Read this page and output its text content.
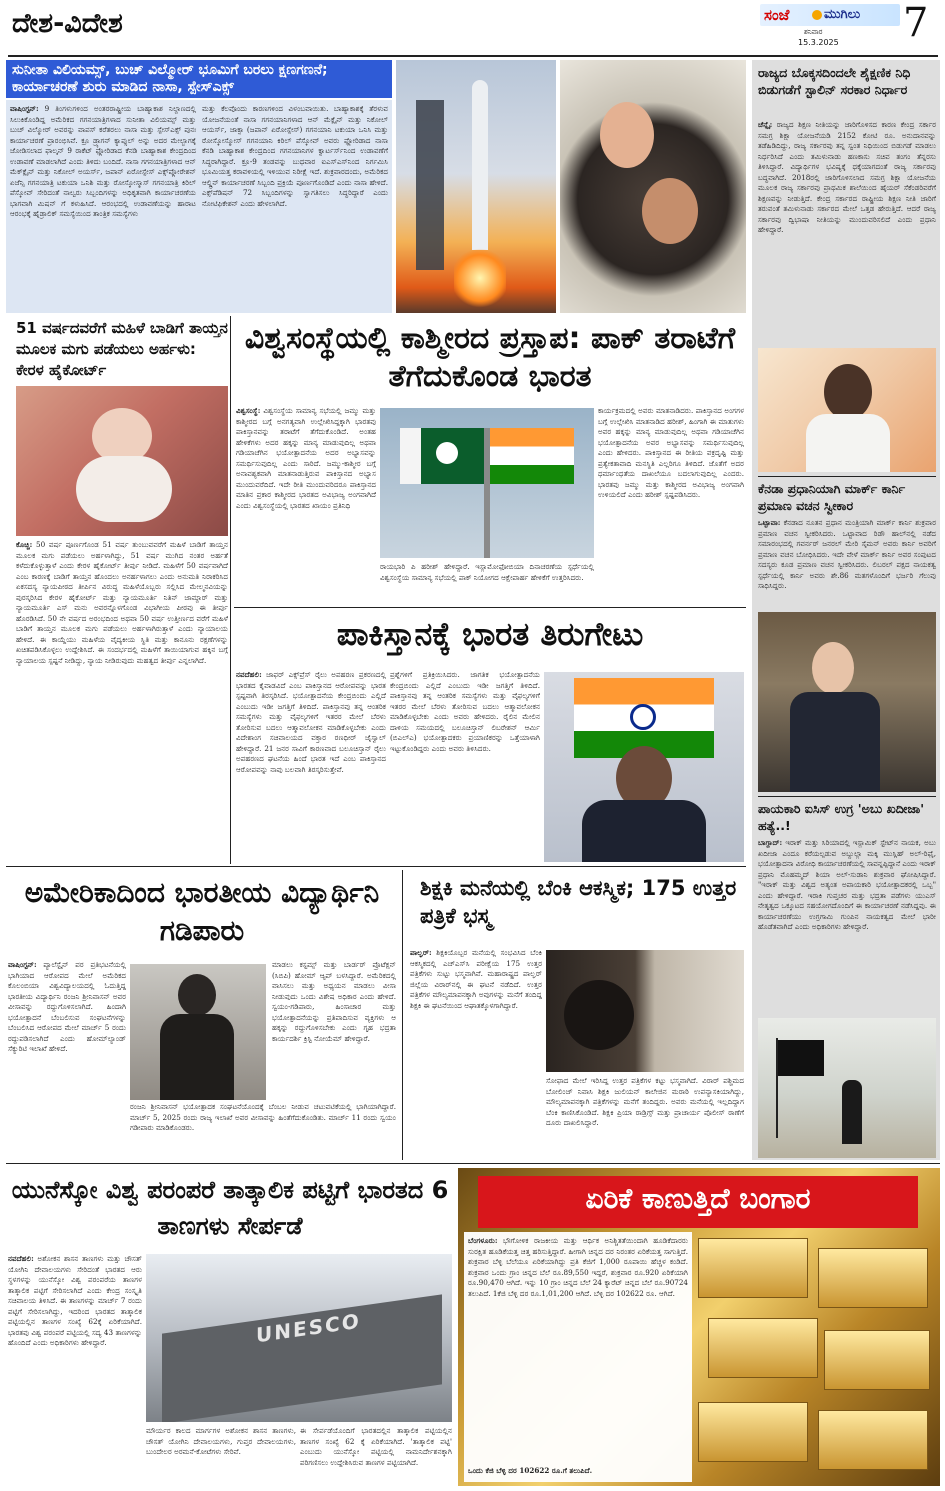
ದೇಶ-ವಿದೇಶ	ಸಂಜೆ	ಮುಗಿಲು
ಶನಿವಾರ
15.3.2025 7
ಸುನೀತಾ ವಿಲಿಯಮ್ಸ್, ಬುಚ್ ವಿಲ್ಮೋರ್ ಭೂಮಿಗೆ ಬರಲು ಕ್ಷಣಗಣನೆ; ಕಾರ್ಯಾಚರಣೆ ಶುರು ಮಾಡಿದ ನಾಸಾ, ಸ್ಪೇಸ್‌ಎಕ್ಸ್
ವಾಷಿಂಗ್ಟನ್: 9 ತಿಂಗಳುಗಳಿಂದ ಅಂತರರಾಷ್ಟ್ರೀಯ ಬಾಹ್ಯಾಕಾಶ ನಿಲ್ದಾಣದಲ್ಲಿ ಸಿಲುಕಿಕೊಂಡಿದ್ದ ಅಮೆರಿಕದ ಗಗನಯಾತ್ರಿಗಳಾದ ಸುನೀತಾ ವಿಲಿಯಮ್ಸ್ ಮತ್ತು ಬುಚ್ ವಿಲ್ಮೋರ್ ಅವರನ್ನು ವಾಪಸ್ ಕರೆತರಲು ನಾಸಾ ಮತ್ತು ಸ್ಪೇಸ್‌ಎಕ್ಸ್ ಪುನಃ ಕಾರ್ಯಾಚರಣೆ ಪ್ರಾರಂಭಿಸಿವೆ. ಕ್ರೂ ಡ್ರ್ಯಾಗನ್ ಕ್ಯಾಪ್ಸುಲ್ ಅನ್ನು ಅದರ ಮೇಲ್ಭಾಗಕ್ಕೆ ಜೋಡಿಸಲಾದ ಫಾಲ್ಕನ್ 9 ರಾಕೆಟ್ ಫ್ಲೋರಿಡಾದ ಕೆನಡಿ ಬಾಹ್ಯಾಕಾಶ ಕೇಂದ್ರದಿಂದ ಉಡಾವಣೆ ಮಾಡಲಾಗಿದೆ ಎಂದು ತಿಳಿದು ಬಂದಿದೆ. ನಾಸಾ ಗಗನಯಾತ್ರಿಗಳಾದ ಆನ್ ಮೆಕ್‌ಕ್ಲೈನ್ ಮತ್ತು ನಿಕೋಲ್ ಅಯರ್ಸ್, ಜಪಾನ್ ಏರೋಸ್ಪೇಸ್ ಎಕ್ಸ್‌ಪ್ಲೋರೇಶನ್ ಏಜೆನ್ಸಿ ಗಗನಯಾತ್ರಿ ಟಕುಯಾ ಒನಿಶಿ ಮತ್ತು ರೋಸ್ಕೋಸ್ಮಾಸ್ ಗಗನಯಾತ್ರಿ ಕಿರಿಲ್ ಪೆಸ್ಕೋವ್ ಸೇರಿದಂತೆ ನಾಲ್ವರು ಸಿಬ್ಬಂದಿಗಳನ್ನು ಅಧಿಕೃತವಾಗಿ ಕಾರ್ಯಾಚರಣೆಯ ಭಾಗವಾಗಿ ಮಿಷನ್ ಗೆ ಕಳುಹಿಸಿದೆ. ಆರಂಭದಲ್ಲಿ ಉಡಾವಣೆಯನ್ನು ಹಾರಾಟ ಆರಂಭಕ್ಕೆ ಹೈಡ್ರಾಲಿಕ್ ಸಮಸ್ಯೆಯಿಂದ ತಾಂತ್ರಿಕ ಸಮಸ್ಯೆಗಳು
ಮತ್ತು ಕೆಲವೊಂದು ಕಾರಣಗಳಿಂದ ವಿಳಂಬವಾಯಿತು. ಬಾಹ್ಯಾಕಾಶಕ್ಕೆ ತೆರಳುವ ಯೋಜನೆಯಂತೆ ನಾಸಾ ಗಗನಯಾನಿಗಳಾದ ಆನ್ ಮೆಕ್ಲೈನ್ ಮತ್ತು ನಿಕೋಲ್ ಆಯರ್ಸ್, ಜಾಕ್ಸಾ (ಜಪಾನ್ ಏರೋಸ್ಪೇಸ್) ಗಗನಯಾನಿ ಟಕುಯಾ ಒನಿಸಿ ಮತ್ತು ರೋಸ್ಕೋಸ್ಮೋಸ್ ಗಗನಯಾನಿ ಕಿರಿಲ್ ಪೆಸ್ಕೋವ್ ಅವರು ಫ್ಲೋರಿಡಾದ ನಾಸಾ ಕೆನಡಿ ಬಾಹ್ಯಾಕಾಶ ಕೇಂದ್ರದಿಂದ ಗಗನಯಾನಿಗಳ ಕ್ವಾರ್ಟರ್ಸ್‌ನಿಂದ ಉಡಾವಣೆಗೆ ಸಿದ್ಧರಾಗಿದ್ದಾರೆ. ಕ್ರೂ-9 ತಂಡವನ್ನು ಬುಧವಾರ ಐಎಸ್‌ಎಸ್‌ನಿಂದ ನಿರ್ಗಮಿಸಿ ಭೂಮಿಯತ್ತ ಕರಾವಳಿಯಲ್ಲಿ ಇಳಿಯುವ ನಿರೀಕ್ಷೆ ಇದೆ. ಶುಕ್ರವಾರದಂದು, ಅಮೆರಿಕದ ಆಲ್ಡ್ರಿನ್ ಕಾರ್ಯಾಚರಣೆ ಸಿಬ್ಬಂದಿ ಪ್ರಕ್ರಿಯೆ ಪೂರ್ಣಗೊಂಡಿದೆ ಎಂದು ನಾಸಾ ಹೇಳಿದೆ. ಎಕ್ಸ್‌ಪೆಡಿಷನ್ 72 ಸಿಬ್ಬಂದಿಗಳನ್ನು ಸ್ವಾಗತಿಸಲು ಸಿದ್ಧರಿದ್ದಾರೆ ಎಂದು ನೋಟಿಫಿಕೇಶನ್ ಎಂದು ಹೇಳಲಾಗಿದೆ.
ರಾಜ್ಯದ ಬೊಕ್ಕಸದಿಂದಲೇ ಶೈಕ್ಷಣಿಕ ನಿಧಿ ಬಿಡುಗಡೆಗೆ ಸ್ಟಾಲಿನ್ ಸರಕಾರ ನಿರ್ಧಾರ
ಚೆನ್ನೈ: ರಾಜ್ಯದ ಶಿಕ್ಷಣ ನೀತಿಯನ್ನು ಜಾರಿಗೊಳಿಸದ ಕಾರಣ ಕೇಂದ್ರ ಸರ್ಕಾರ ಸಮಗ್ರ ಶಿಕ್ಷಾ ಯೋಜನೆಯಡಿ 2152 ಕೋಟಿ ರೂ. ಅನುದಾನವನ್ನು ತಡೆಹಿಡಿದಿದ್ದು, ರಾಜ್ಯ ಸರ್ಕಾರವು ತನ್ನ ಸ್ವಂತ ನಿಧಿಯಿಂದ ಬಿಡುಗಡೆ ಮಾಡಲು ನಿರ್ಧರಿಸಿದೆ ಎಂದು ತಮಿಳುನಾಡು ಹಣಕಾಸು ಸಚಿವ ತಂಗಂ ತೆನ್ನರಸು ತಿಳಿಸಿದ್ದಾರೆ. ವಿದ್ಯಾರ್ಥಿಗಳ ಭವಿಷ್ಯಕ್ಕೆ ಧಕ್ಕೆಯಾಗದಂತೆ ರಾಜ್ಯ ಸರ್ಕಾರವು ಬದ್ಧವಾಗಿದೆ. 2018ರಲ್ಲಿ ಜಾರಿಗೊಳಿಸಲಾದ ಸಮಗ್ರ ಶಿಕ್ಷಾ ಯೋಜನೆಯ ಮೂಲಕ ರಾಜ್ಯ ಸರ್ಕಾರವು ಪ್ರಾಥಮಿಕ ಶಾಲೆಯಿಂದ ಹೈಯರ್ ಸೆಕೆಂಡರಿವರೆಗೆ ಶಿಕ್ಷಣವನ್ನು ನೀಡುತ್ತಿದೆ. ಕೇಂದ್ರ ಸರ್ಕಾರದ ರಾಷ್ಟ್ರೀಯ ಶಿಕ್ಷಣ ನೀತಿ ಜಾರಿಗೆ ತರುವಂತೆ ತಮಿಳುನಾಡು ಸರ್ಕಾರದ ಮೇಲೆ ಒತ್ತಡ ಹೇರುತ್ತಿದೆ. ಆದರೆ ರಾಜ್ಯ ಸರ್ಕಾರವು ದ್ವಿಭಾಷಾ ನೀತಿಯನ್ನು ಮುಂದುವರಿಸಲಿದೆ ಎಂದು ಪ್ರಧಾನಿ ಹೇಳಿದ್ದಾರೆ.
ಕೆನಡಾ ಪ್ರಧಾನಿಯಾಗಿ ಮಾರ್ಕ್ ಕಾರ್ನಿ ಪ್ರಮಾಣ ವಚನ ಸ್ವೀಕಾರ
ಒಟ್ಟಾವಾ: ಕೆನಡಾದ ನೂತನ ಪ್ರಧಾನ ಮಂತ್ರಿಯಾಗಿ ಮಾರ್ಕ್ ಕಾರ್ನಿ ಶುಕ್ರವಾರ ಪ್ರಮಾಣ ವಚನ ಸ್ವೀಕರಿಸಿದರು. ಒಟ್ಟಾವಾದ ರಿಡೌ ಹಾಲ್‌ನಲ್ಲಿ ನಡೆದ ಸಮಾರಂಭದಲ್ಲಿ ಗವರ್ನರ್ ಜನರಲ್ ಮೇರಿ ಸೈಮನ್ ಅವರು ಕಾರ್ನಿ ಅವರಿಗೆ ಪ್ರಮಾಣ ವಚನ ಬೋಧಿಸಿದರು. ಇದೇ ವೇಳೆ ಮಾರ್ಕ್ ಕಾರ್ನಿ ಅವರ ಸಂಪುಟದ ಸದಸ್ಯರು ಕೂಡ ಪ್ರಮಾಣ ವಚನ ಸ್ವೀಕರಿಸಿದರು. ಲಿಬರಲ್ ಪಕ್ಷದ ನಾಯಕತ್ವ ಸ್ಪರ್ಧೆಯಲ್ಲಿ ಕಾರ್ನಿ ಅವರು ಶೇ.86 ಮತಗಳೊಂದಿಗೆ ಭರ್ಜರಿ ಗೆಲುವು ಸಾಧಿಸಿದ್ದರು.
ಪಾಯಕಾರಿ ಐಸಿಸ್ ಉಗ್ರ 'ಅಬು ಖದೀಜಾ' ಹತ್ಯೆ..!
ಬಾಗ್ದಾದ್: ಇರಾಕ್ ಮತ್ತು ಸಿರಿಯಾದಲ್ಲಿ ಇಸ್ಲಾಮಿಕ್ ಸ್ಟೇಟ್‌ನ ನಾಯಕ, ಅಬು ಖದೀಜಾ ಎಂದೂ ಕರೆಯಲ್ಪಡುವ ಅಬ್ದುಲ್ಲಾ ಮಕ್ಕಿ ಮುಸ್ಲಿಹ್ ಅಲ್-ರಿಫೈ, ಭಯೋತ್ಪಾದನಾ ವಿರೋಧಿ ಕಾರ್ಯಾಚರಣೆಯಲ್ಲಿ ಸಾವನ್ನಪ್ಪಿದ್ದಾನೆ ಎಂದು ಇರಾಕ್ ಪ್ರಧಾನಿ ಮೊಹಮ್ಮದ್ ಶಿಯಾ ಅಲ್-ಸುಡಾನಿ ಶುಕ್ರವಾರ ಘೋಷಿಸಿದ್ದಾರೆ. "ಇರಾಕ್ ಮತ್ತು ವಿಶ್ವದ ಅತ್ಯಂತ ಅಪಾಯಕಾರಿ ಭಯೋತ್ಪಾದಕರಲ್ಲಿ ಒಬ್ಬ" ಎಂದು ಹೇಳಿದ್ದಾರೆ. ಇರಾಕಿ ಗುಪ್ತಚರ ಮತ್ತು ಭದ್ರತಾ ಪಡೆಗಳು ಯುಎಸ್ ನೇತೃತ್ವದ ಒಕ್ಕೂಟದ ಸಹಯೋಗದೊಂದಿಗೆ ಈ ಕಾರ್ಯಾಚರಣೆ ನಡೆಸಿದ್ದವು. ಈ ಕಾರ್ಯಾಚರಣೆಯು ಉಗ್ರಗಾಮಿ ಗುಂಪಿನ ನಾಯಕತ್ವದ ಮೇಲೆ ಭಾರೀ ಹೊಡೆತವಾಗಿದೆ ಎಂದು ಅಧಿಕಾರಿಗಳು ಹೇಳಿದ್ದಾರೆ.
51 ವರ್ಷದವರೆಗೆ ಮಹಿಳೆ ಬಾಡಿಗೆ ತಾಯ್ತನ ಮೂಲಕ ಮಗು ಪಡೆಯಲು ಅರ್ಹಳು: ಕೇರಳ ಹೈಕೋರ್ಟ್
ಕೊಚ್ಚಿ: 50 ವರ್ಷ ಪೂರ್ಣಗೊಂಡ 51 ವರ್ಷ ತುಂಬುವವರೆಗೆ ಮಹಿಳೆ ಬಾಡಿಗೆ ತಾಯ್ತನ ಮೂಲಕ ಮಗು ಪಡೆಯಲು ಅರ್ಹಳಾಗಿದ್ದು, 51 ವರ್ಷ ಮುಗಿದ ನಂತರ ಅರ್ಹತೆ ಕಳೆದುಕೊಳ್ಳುತ್ತಾಳೆ ಎಂದು ಕೇರಳ ಹೈಕೋರ್ಟ್ ತೀರ್ಪು ನೀಡಿದೆ. ಮಹಿಳೆಗೆ 50 ವರ್ಷವಾಗಿದೆ ಎಂಬ ಕಾರಣಕ್ಕೆ ಬಾಡಿಗೆ ತಾಯ್ತನ ಹೊಂದಲು ಅನರ್ಹಳಾಗಲು ಎಂದು ಅನುಮತಿ ನಿರಾಕರಿಸಿದ ಏಕಸದಸ್ಯ ನ್ಯಾಯಪೀಠದ ತೀರ್ಪಿನ ವಿರುದ್ಧ ಮಹಿಳೆಯೊಬ್ಬರು ಸಲ್ಲಿಸಿದ ಮೇಲ್ಮನವಿಯನ್ನು ಪುರಸ್ಕರಿಸಿದ ಕೇರಳ ಹೈಕೋರ್ಟ್ ಮತ್ತು ನ್ಯಾಯಮೂರ್ತಿ ನಿತಿನ್ ಜಾಮ್ದಾರ್ ಮತ್ತು ನ್ಯಾಯಮೂರ್ತಿ ಎಸ್ ಮನು ಅವರನ್ನೊಳಗೊಂಡ ವಿಭಾಗೀಯ ಪೀಠವು ಈ ತೀರ್ಪು ಹೊರಡಿಸಿದೆ. 50 ನೇ ವರ್ಷದ ಅರಂಭದಿಂದ ಅಥವಾ 50 ವರ್ಷ ಉತ್ತೀರ್ಣದ ವರೆಗೆ ಮಹಿಳೆ ಬಾಡಿಗೆ ತಾಯ್ತನ ಮೂಲಕ ಮಗು ಪಡೆಯಲು ಅರ್ಹಳಾಗಿರುತ್ತಾಳೆ ಎಂದು ನ್ಯಾಯಾಲಯ ಹೇಳಿದೆ. ಈ ಕಾಯ್ದೆಯು ಮಹಿಳೆಯ ವೈದ್ಯಕೀಯ ಸ್ಥಿತಿ ಮತ್ತು ಕಾನೂನು ರಕ್ಷಣೆಗಳನ್ನು ಖಚಿತಪಡಿಸಿಕೊಳ್ಳಲು ಉದ್ದೇಶಿಸಿದೆ. ಈ ಸಂದರ್ಭದಲ್ಲಿ ಮಹಿಳೆಗೆ ತಾಯಿಯಾಗುವ ಹಕ್ಕಿನ ಬಗ್ಗೆ ನ್ಯಾಯಾಲಯ ಸ್ಪಷ್ಟನೆ ನೀಡಿದ್ದು, ನ್ಯಾಯ ನೀಡಿರುವುದು ಮಹತ್ವದ ತೀರ್ಪು ಎನ್ನಲಾಗಿದೆ.
ವಿಶ್ವಸಂಸ್ಥೆಯಲ್ಲಿ ಕಾಶ್ಮೀರದ ಪ್ರಸ್ತಾಪ: ಪಾಕ್ ತರಾಟೆಗೆ ತೆಗೆದುಕೊಂಡ ಭಾರತ
ವಿಶ್ವಸಂಸ್ಥೆ: ವಿಶ್ವಸಂಸ್ಥೆಯ ಸಾಮಾನ್ಯ ಸಭೆಯಲ್ಲಿ ಜಮ್ಮು ಮತ್ತು ಕಾಶ್ಮೀರದ ಬಗ್ಗೆ ಅನಗತ್ಯವಾಗಿ ಉಲ್ಲೇಖಿಸಿದ್ದಕ್ಕಾಗಿ ಭಾರತವು ಪಾಕಿಸ್ತಾನವನ್ನು ತರಾಟೆಗೆ ತೆಗೆದುಕೊಂಡಿದೆ. ಅಂತಹ ಹೇಳಿಕೆಗಳು ಅದರ ಹಕ್ಕನ್ನು ಮಾನ್ಯ ಮಾಡುವುದಿಲ್ಲ ಅಥವಾ ಗಡಿಯಾಚೆಗಿನ ಭಯೋತ್ಪಾದನೆಯ ಅದರ ಅಭ್ಯಾಸವನ್ನು ಸಮರ್ಥಿಸುವುದಿಲ್ಲ ಎಂದು ಸಾರಿದೆ. ಜಮ್ಮು-ಕಾಶ್ಮೀರ ಬಗ್ಗೆ ಅನಾವಶ್ಯಕವಾಗಿ ಮಾತನಾಡುತ್ತಿರುವ ಪಾಕಿಸ್ತಾನದ ಅಭ್ಯಾಸ ಮುಂದುವರೆದಿದೆ. ಇದೇ ರೀತಿ ಮುಂದುವರಿದರೂ ಪಾಕಿಸ್ತಾನದ ಮಾತಿನ ಪ್ರಕಾರ ಕಾಶ್ಮೀರದ ಭಾರತದ ಅವಿಭಾಜ್ಯ ಅಂಗವಾಗಿದೆ ಎಂದು ವಿಶ್ವಸಂಸ್ಥೆಯಲ್ಲಿ ಭಾರತದ ಖಾಯಂ ಪ್ರತಿನಿಧಿ
ರಾಯಭಾರಿ ಪಿ ಹರೀಶ್ ಹೇಳಿದ್ದಾರೆ. ಇಸ್ಲಾಮೋಫೋಬಿಯಾ ದಿನಾಚರಣೆಯ ಸ್ಪರ್ಧೆಯಲ್ಲಿ ವಿಶ್ವಸಂಸ್ಥೆಯ ಸಾಮಾನ್ಯ ಸಭೆಯಲ್ಲಿ ಪಾಕ್ ನಿಯೋಗದ ಆಕ್ಷೇಪಾರ್ಹ ಹೇಳಿಕೆಗೆ ಉತ್ತರಿಸಿದರು.
ಕಾರ್ಯಕ್ರಮದಲ್ಲಿ ಅವರು ಮಾತನಾಡಿದರು. ಪಾಕಿಸ್ತಾನದ ಅಂಗಗಳ ಬಗ್ಗೆ ಉಲ್ಲೇಖಿಸಿ ಮಾತನಾಡಿದ ಹರೀಶ್, ಹಿಂಗಾಗಿ ಈ ಮಾತುಗಳು ಅವರ ಹಕ್ಕನ್ನು ಮಾನ್ಯ ಮಾಡುವುದಿಲ್ಲ ಅಥವಾ ಗಡಿಯಾಚೆಗಿನ ಭಯೋತ್ಪಾದನೆಯ ಅವರ ಅಭ್ಯಾಸವನ್ನು ಸಮರ್ಥಿಸುವುದಿಲ್ಲ ಎಂದು ಹೇಳಿದರು. ಪಾಕಿಸ್ತಾನದ ಈ ರೀತಿಯ ವಕ್ರದೃಷ್ಟಿ ಮತ್ತು ಪ್ರತ್ಯೇಕತಾವಾದಿ ಮನಸ್ಥಿತಿ ಎಲ್ಲರಿಗೂ ತಿಳಿದಿದೆ. ಜೊತೆಗೆ ಅದರ ಧರ್ಮಾಂಧತೆಯ ದಾಖಲೆಯೂ ಬದಲಾಗುವುದಿಲ್ಲ ಎಂದರು. ಭಾರತವು ಜಮ್ಮು ಮತ್ತು ಕಾಶ್ಮೀರದ ಅವಿಭಾಜ್ಯ ಅಂಗವಾಗಿ ಉಳಿಯಲಿದೆ ಎಂದು ಹರೀಶ್ ಸ್ಪಷ್ಟಪಡಿಸಿದರು.
ಪಾಕಿಸ್ತಾನಕ್ಕೆ ಭಾರತ ತಿರುಗೇಟು
ನವದೆಹಲಿ: ಜಾಫರ್ ಎಕ್ಸ್‌ಪ್ರೆಸ್ ರೈಲು ಅಪಹರಣ ಪ್ರಕರಣದಲ್ಲಿ ಭಾರತದ ಕೈವಾಡವಿದೆ ಎಂಬ ಪಾಕಿಸ್ತಾನದ ಆರೋಪವನ್ನು ಭಾರತ ಸ್ಪಷ್ಟವಾಗಿ ತಿರಸ್ಕರಿಸಿದೆ. ಭಯೋತ್ಪಾದನೆಯ ಕೇಂದ್ರಬಿಂದು ಎಲ್ಲಿದೆ ಎಂಬುದು ಇಡೀ ಜಗತ್ತಿಗೆ ತಿಳಿದಿದೆ. ಪಾಕಿಸ್ತಾನವು ತನ್ನ ಆಂತರಿಕ ಸಮಸ್ಯೆಗಳು ಮತ್ತು ವೈಫಲ್ಯಗಳಿಗೆ ಇತರರ ಮೇಲೆ ಬೆರಳು ತೋರಿಸುವ ಬದಲು ಆತ್ಮಾವಲೋಕನ ಮಾಡಿಕೊಳ್ಳಬೇಕು ಎಂದು ವಿದೇಶಾಂಗ ಸಚಿವಾಲಯದ ವಕ್ತಾರ ರಣಧೀರ್ ಜೈಸ್ವಾಲ್ ಹೇಳಿದ್ದಾರೆ. 21 ಜನರ ಸಾವಿಗೆ ಕಾರಣವಾದ ಬಲೂಚಿಸ್ತಾನ್ ರೈಲು ಅಪಹರಣದ ಘಟನೆಯ ಹಿಂದೆ ಭಾರತ ಇದೆ ಎಂಬ ಪಾಕಿಸ್ತಾನದ ಆರೋಪವನ್ನು ನಾವು ಬಲವಾಗಿ ತಿರಸ್ಕರಿಸುತ್ತೇವೆ.
ಪ್ರಶ್ನೆಗಳಿಗೆ ಪ್ರತಿಕ್ರಿಯಿಸಿದರು. ಜಾಗತಿಕ ಭಯೋತ್ಪಾದನೆಯ ಕೇಂದ್ರಬಿಂದು ಎಲ್ಲಿದೆ ಎಂಬುದು ಇಡೀ ಜಗತ್ತಿಗೆ ತಿಳಿದಿದೆ. ಪಾಕಿಸ್ತಾನವು ತನ್ನ ಆಂತರಿಕ ಸಮಸ್ಯೆಗಳು ಮತ್ತು ವೈಫಲ್ಯಗಳಿಗೆ ಇತರರ ಮೇಲೆ ಬೆರಳು ತೋರಿಸುವ ಬದಲು ಆತ್ಮಾವಲೋಕನ ಮಾಡಿಕೊಳ್ಳಬೇಕು ಎಂದು ಅವರು ಹೇಳಿದರು. ರೈಲಿನ ಮೇಲಿನ ದಾಳಿಯ ಸಮಯದಲ್ಲಿ ಬಲೂಚಿಸ್ತಾನ್ ಲಿಬರೇಶನ್ ಆರ್ಮಿ (ಬಿಎಲ್‌ಎ) ಭಯೋತ್ಪಾದಕರು ಪ್ರಯಾಣಿಕರನ್ನು ಒತ್ತೆಯಾಳಾಗಿ ಇಟ್ಟುಕೊಂಡಿದ್ದರು ಎಂದು ಅವರು ತಿಳಿಸಿದರು.
ಅಮೇರಿಕಾದಿಂದ ಭಾರತೀಯ ವಿದ್ಯಾರ್ಥಿನಿ ಗಡಿಪಾರು
ವಾಷಿಂಗ್ಟನ್: ಪ್ಯಾಲೆಸ್ಟೈನ್ ಪರ ಪ್ರತಿಭಟನೆಯಲ್ಲಿ ಭಾಗಿಯಾದ ಆರೋಪದ ಮೇಲೆ ಅಮೆರಿಕದ ಕೊಲಂಬಿಯಾ ವಿಶ್ವವಿದ್ಯಾಲಯದಲ್ಲಿ ಓದುತ್ತಿದ್ದ ಭಾರತೀಯ ವಿದ್ಯಾರ್ಥಿನಿ ರಂಜನಿ ಶ್ರೀನಿವಾಸನ್ ಅವರ ವೀಸಾವನ್ನು ರದ್ದುಗೊಳಿಸಲಾಗಿದೆ. ಹಿಂದಾಗಿ ಭಯೋತ್ಪಾದನೆ ಬೆಂಬಲಿಸುವ ಸಂಘಟನೆಗಳನ್ನು ಬೆಂಬಲಿಸಿದ ಆರೋಪದ ಮೇಲೆ ಮಾರ್ಚ್ 5 ರಂದು ರದ್ದುಪಡಿಸಲಾಗಿದೆ ಎಂದು ಹೋಮ್‌ಲ್ಯಾಂಡ್ ಸೆಕ್ಯುರಿಟಿ ಇಲಾಖೆ ಹೇಳಿದೆ.
ಮಾಡಲು ಕಸ್ಟಮ್ಸ್ ಮತ್ತು ಬಾರ್ಡರ್ ಪ್ರೊಟೆಕ್ಷನ್ (ಸಿಬಿಪಿ) ಹೋಮ್ ಆ್ಯಪ್ ಬಳಸಿದ್ದಾರೆ. ಅಮೆರಿಕದಲ್ಲಿ ವಾಸಿಸಲು ಮತ್ತು ಅಧ್ಯಯನ ಮಾಡಲು ವೀಸಾ ನೀಡುವುದು ಒಂದು ವಿಶೇಷ ಅಧಿಕಾರ ಎಂದು ಹೇಳಿದೆ. ಸ್ವಯಂ-ಗಡಿಪಾರು, ಹಿಂಸಾಚಾರ ಮತ್ತು ಭಯೋತ್ಪಾದನೆಯನ್ನು ಪ್ರತಿಪಾದಿಸುವ ವ್ಯಕ್ತಿಗಳು ಆ ಹಕ್ಕನ್ನು ರದ್ದುಗೊಳಿಸಬೇಕು ಎಂದು ಗೃಹ ಭದ್ರತಾ ಕಾರ್ಯದರ್ಶಿ ಕ್ರಿಸ್ಟಿ ನೋಯೆಮ್ ಹೇಳಿದ್ದಾರೆ.
ರಂಜನಿ ಶ್ರೀನಿವಾಸನ್ ಭಯೋತ್ಪಾದಕ ಸಂಘಟನೆಯೊಂದಕ್ಕೆ ಬೆಂಬಲ ನೀಡುವ ಚಟುವಟಿಕೆಯಲ್ಲಿ ಭಾಗಿಯಾಗಿದ್ದಾರೆ. ಮಾರ್ಚ್ 5, 2025 ರಂದು ರಾಜ್ಯ ಇಲಾಖೆ ಅವರ ವೀಸಾವನ್ನು ಹಿಂತೆಗೆದುಕೊಂಡಿತು. ಮಾರ್ಚ್ 11 ರಂದು ಸ್ವಯಂ ಗಡೀಪಾರು ಮಾಡಿಕೊಂಡರು.
ಶಿಕ್ಷಕಿ ಮನೆಯಲ್ಲಿ ಬೆಂಕಿ ಆಕಸ್ಮಿಕ; 175 ಉತ್ತರ ಪತ್ರಿಕೆ ಭಸ್ಮ
ಪಾಲ್ಘರ್: ಶಿಕ್ಷಕಿಯೊಬ್ಬರ ಮನೆಯಲ್ಲಿ ಸಂಭವಿಸಿದ ಬೆಂಕಿ ಆಕಸ್ಮಿಕದಲ್ಲಿ ಎಚ್‌ಎಸ್‌ಸಿ ಪರೀಕ್ಷೆಯ 175 ಉತ್ತರ ಪತ್ರಿಕೆಗಳು ಸುಟ್ಟು ಭಸ್ಮವಾಗಿವೆ. ಮಹಾರಾಷ್ಟ್ರದ ಪಾಲ್ಘರ್ ಜಿಲ್ಲೆಯ ವಿರಾರ್‌ನಲ್ಲಿ ಈ ಘಟನೆ ನಡೆದಿದೆ. ಉತ್ತರ ಪತ್ರಿಕೆಗಳ ಮೌಲ್ಯಮಾಪನಕ್ಕಾಗಿ ಅವುಗಳನ್ನು ಮನೆಗೆ ತಂದಿದ್ದ ಶಿಕ್ಷಕಿ ಈ ಘಟನೆಯಿಂದ ಆಘಾತಕ್ಕೊಳಗಾಗಿದ್ದಾರೆ.
ಸೋಫಾದ ಮೇಲೆ ಇರಿಸಿದ್ದ ಉತ್ತರ ಪತ್ರಿಕೆಗಳ ಕಟ್ಟು ಭಸ್ಮವಾಗಿದೆ. ವಿರಾರ್ ಪಶ್ಚಿಮದ ಬೋಲಿಂಜ್ ನಿವಾಸಿ ಶಿಕ್ಷಕಿ ಜುಲಿಯನ್ ಕಾಲೇಜಿನ ಮರಾಠಿ ಉಪನ್ಯಾಸಕಿಯಾಗಿದ್ದು, ಮೌಲ್ಯಮಾಪನಕ್ಕಾಗಿ ಪತ್ರಿಕೆಗಳನ್ನು ಮನೆಗೆ ತಂದಿದ್ದರು. ಅವರು ಮನೆಯಲ್ಲಿ ಇಲ್ಲದಿದ್ದಾಗ ಬೆಂಕಿ ಕಾಣಿಸಿಕೊಂಡಿದೆ. ಶಿಕ್ಷಕಿ ಪ್ರಿಯಾ ರಾಡ್ರಿಗ್ಸ್ ಮತ್ತು ಪ್ರಾಚಾರ್ಯ ಪೊಲೀಸ್ ಠಾಣೆಗೆ ದೂರು ದಾಖಲಿಸಿದ್ದಾರೆ.
ಯುನೆಸ್ಕೋ ವಿಶ್ವ ಪರಂಪರೆ ತಾತ್ಕಾಲಿಕ ಪಟ್ಟಿಗೆ ಭಾರತದ 6 ತಾಣಗಳು ಸೇರ್ಪಡೆ
ನವದೆಹಲಿ: ಅಶೋಕನ ಶಾಸನ ತಾಣಗಳು ಮತ್ತು ಚೌಸತ್ ಯೋಗಿನಿ ದೇವಾಲಯಗಳು ಸೇರಿದಂತೆ ಭಾರತದ ಆರು ಸ್ಥಳಗಳನ್ನು ಯುನೆಸ್ಕೋ ವಿಶ್ವ ಪರಂಪರೆಯ ತಾಣಗಳ ತಾತ್ಕಾಲಿಕ ಪಟ್ಟಿಗೆ ಸೇರಿಸಲಾಗಿದೆ ಎಂದು ಕೇಂದ್ರ ಸಂಸ್ಕೃತಿ ಸಚಿವಾಲಯ ತಿಳಿಸಿದೆ. ಈ ತಾಣಗಳನ್ನು ಮಾರ್ಚ್ 7 ರಂದು ಪಟ್ಟಿಗೆ ಸೇರಿಸಲಾಗಿದ್ದು, ಇದರಿಂದ ಭಾರತದ ತಾತ್ಕಾಲಿಕ ಪಟ್ಟಿಯಲ್ಲಿನ ತಾಣಗಳ ಸಂಖ್ಯೆ 62ಕ್ಕೆ ಏರಿಕೆಯಾಗಿದೆ. ಭಾರತವು ವಿಶ್ವ ಪರಂಪರೆ ಪಟ್ಟಿಯಲ್ಲಿ ಸದ್ಯ 43 ತಾಣಗಳನ್ನು ಹೊಂದಿದೆ ಎಂದು ಅಧಿಕಾರಿಗಳು ಹೇಳಿದ್ದಾರೆ.	UNESCO
ಮೌರ್ಯರ ಕಾಲದ ಮಾರ್ಗಗಳ ಅಶೋಕನ ಶಾಸನ ತಾಣಗಳು, ಚೌಸತ್ ಯೋಗಿನಿ ದೇವಾಲಯಗಳು, ಗುಪ್ತರ ದೇವಾಲಯಗಳು, ಬುಂದೇಲರ ಅರಮನೆ-ಕೋಟೆಗಳು ಸೇರಿವೆ.
ಈ ಸೇರ್ಪಡೆಯೊಂದಿಗೆ ಭಾರತದಲ್ಲಿನ ತಾತ್ಕಾಲಿಕ ಪಟ್ಟಿಯಲ್ಲಿನ ತಾಣಗಳ ಸಂಖ್ಯೆ 62 ಕ್ಕೆ ಏರಿಕೆಯಾಗಿದೆ. 'ತಾತ್ಕಾಲಿಕ ಪಟ್ಟಿ' ಎಂಬುದು ಯುನೆಸ್ಕೋ ಪಟ್ಟಿಯಲ್ಲಿ ನಾಮನಿರ್ದೇಶನಕ್ಕಾಗಿ ಪರಿಗಣಿಸಲು ಉದ್ದೇಶಿಸಿರುವ ತಾಣಗಳ ಪಟ್ಟಿಯಾಗಿದೆ.
ಏರಿಕೆ ಕಾಣುತ್ತಿದೆ ಬಂಗಾರ
ಬೆಂಗಳೂರು: ಭೌಗೋಳಿಕ ರಾಜಕೀಯ ಮತ್ತು ಆರ್ಥಿಕ ಅನಿಶ್ಚಿತತೆಯಿಂದಾಗಿ ಹೂಡಿಕೆದಾರರು ಸುರಕ್ಷಿತ ಹೂಡಿಕೆಯತ್ತ ಚಿತ್ತ ಹರಿಸುತ್ತಿದ್ದಾರೆ. ಹೀಗಾಗಿ ಚಿನ್ನದ ದರ ನಿರಂತರ ಏರಿಕೆಯತ್ತ ಸಾಗುತ್ತಿದೆ. ಶುಕ್ರವಾರ ಬೆಳ್ಳಿ ಬೆಲೆಯೂ ಏರಿಕೆಯಾಗಿದ್ದು ಪ್ರತಿ ಕೆಜಿಗೆ 1,000 ರೂಪಾಯಿ ಹೆಚ್ಚಳ ಕಂಡಿದೆ. ಶುಕ್ರವಾರ ಒಂದು ಗ್ರಾಂ ಚಿನ್ನದ ಬೆಲೆ ರೂ.89,550 ಇದ್ದರೆ, ಶುಕ್ರವಾರ ರೂ.920 ಏರಿಕೆಯಾಗಿ ರೂ.90,470 ಆಗಿದೆ. ಇನ್ನು 10 ಗ್ರಾಂ ಚಿನ್ನದ ಬೆಲೆ 24 ಕ್ಯಾರೆಟ್ ಚಿನ್ನದ ಬೆಲೆ ರೂ.90724 ತಲುಪಿದೆ. 1ಕೆಜಿ ಬೆಳ್ಳಿ ದರ ರೂ.1,01,200 ಆಗಿದೆ. ಬೆಳ್ಳಿ ದರ 102622 ರೂ. ಆಗಿದೆ.
ಒಂದು ಕೆಜಿ ಬೆಳ್ಳಿ ದರ 102622 ರೂ.ಗೆ ತಲುಪಿದೆ.
